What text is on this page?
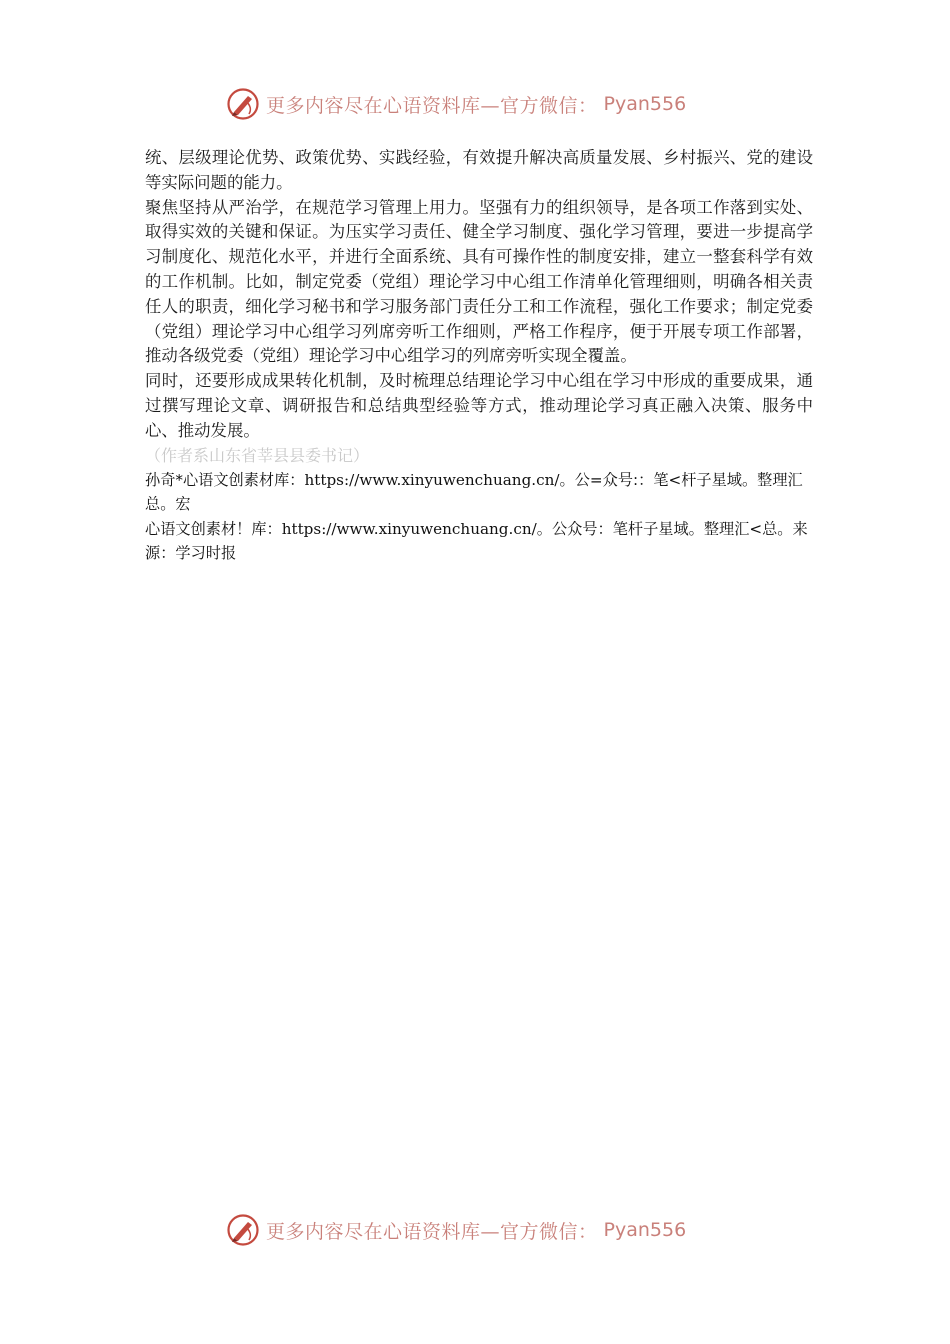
更多内容尽在心语资料库—官方微信： Pyan556

统、层级理论优势、政策优势、实践经验，有效提升解决高质量发展、乡村振兴、党的建设等实际问题的能力。

聚焦坚持从严治学，在规范学习管理上用力。坚强有力的组织领导，是各项工作落到实处、取得实效的关键和保证。为压实学习责任、健全学习制度、强化学习管理，要进一步提高学习制度化、规范化水平，并进行全面系统、具有可操作性的制度安排，建立一整套科学有效的工作机制。比如，制定党委（党组）理论学习中心组工作清单化管理细则，明确各相关责任人的职责，细化学习秘书和学习服务部门责任分工和工作流程，强化工作要求；制定党委（党组）理论学习中心组学习列席旁听工作细则，严格工作程序，便于开展专项工作部署，推动各级党委（党组）理论学习中心组学习的列席旁听实现全覆盖。

同时，还要形成成果转化机制，及时梳理总结理论学习中心组在学习中形成的重要成果，通过撰写理论文章、调研报告和总结典型经验等方式，推动理论学习真正融入决策、服务中心、推动发展。

（作者系山东省莘县县委书记）

孙奇*心语文创素材库：https://www.xinyuwenchuang.cn/。公=众号:：笔<杆子星域。整理汇总。宏

心语文创素材！库：https://www.xinyuwenchuang.cn/。公众号：笔杆子星域。整理汇<总。来源：学习时报

更多内容尽在心语资料库—官方微信： Pyan556
